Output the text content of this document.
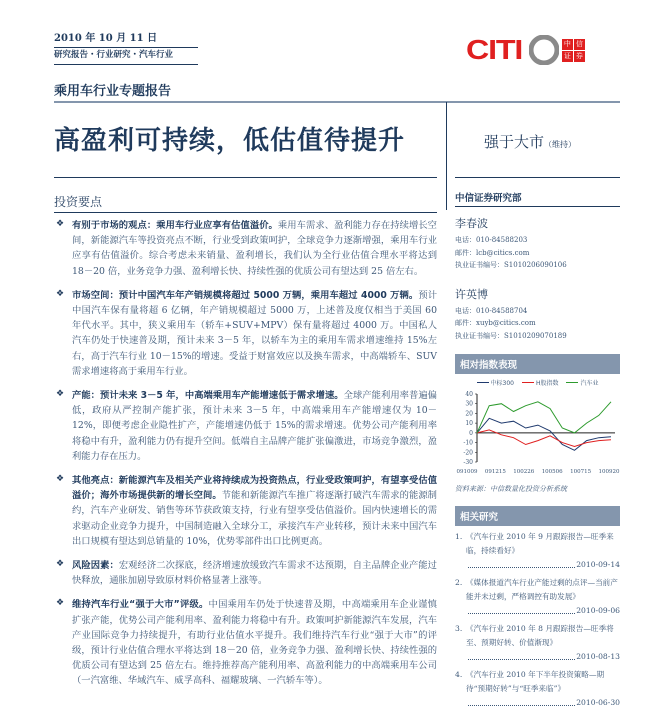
2010 年 10 月 11 日
研究报告・行业研究・汽车行业	CITI	中 信
证 券
乘用车行业专题报告
高盈利可持续，低估值待提升	强于大市（维持）
投资要点
❖ 有别于市场的观点：乘用车行业应享有估值溢价。乘用车需求、盈利能力存在持续增长空间，新能源汽车等投资亮点不断，行业受到政策呵护，全球竞争力逐渐增强，乘用车行业应享有估值溢价。综合考虑未来销量、盈利增长，我们认为全行业估值合理水平将达到 18－20 倍，业务竞争力强、盈利增长快、持续性强的优质公司有望达到 25 倍左右。
❖ 市场空间：预计中国汽车年产销规模将超过 5000 万辆，乘用车超过 4000 万辆。预计中国汽车保有量将超 6 亿辆，年产销规模超过 5000 万，上述普及度仅相当于美国 60 年代水平。其中，狭义乘用车（轿车+SUV+MPV）保有量将超过 4000 万。中国私人汽车仍处于快速普及期，预计未来 3－5 年，以轿车为主的乘用车需求增速维持 15%左右，高于汽车行业 10－15%的增速。受益于财富效应以及换车需求，中高端轿车、SUV 需求增速将高于乘用车行业。
❖ 产能：预计未来 3－5 年，中高端乘用车产能增速低于需求增速。全球产能利用率普遍偏低，政府从严控制产能扩张，预计未来 3－5 年，中高端乘用车产能增速仅为 10－12%，即便考虑企业隐性扩产，产能增速仍低于 15%的需求增速。优势公司产能利用率将稳中有升，盈利能力仍有提升空间。低端自主品牌产能扩张偏激进，市场竞争激烈，盈利能力存在压力。
❖ 其他亮点：新能源汽车及相关产业将持续成为投资热点，行业受政策呵护，有望享受估值溢价；海外市场提供新的增长空间。节能和新能源汽车推广将逐渐打破汽车需求的能源制约，汽车产业研发、销售等环节获政策支持，行业有望享受估值溢价。国内快速增长的需求驱动企业竞争力提升，中国制造融入全球分工，承接汽车产业转移，预计未来中国汽车出口规模有望达到总销量的 10%，优势零部件出口比例更高。
❖ 风险因素：宏观经济二次探底，经济增速放缓致汽车需求不达预期，自主品牌企业产能过快释放，通胀加剧导致原材料价格显著上涨等。
❖ 维持汽车行业“强于大市”评级。中国乘用车仍处于快速普及期，中高端乘用车企业谨慎扩张产能，优势公司产能利用率、盈利能力将稳中有升。政策呵护新能源汽车发展，汽车产业国际竞争力持续提升，有助行业估值水平提升。我们维持汽车行业“强于大市”的评级，预计行业估值合理水平将达到 18－20 倍，业务竞争力强、盈利增长快、持续性强的优质公司有望达到 25 倍左右。维持推荐高产能利用率、高盈利能力的中高端乘用车公司（一汽富维、华域汽车、威孚高科、福耀玻璃、一汽轿车等）。
中信证券研究部
李春波
电话：010-84588203
邮件：lcb@citics.com
执业证书编号：S1010206090106
许英博
电话：010-84588704
邮件：xuyb@citics.com
执业证书编号：S1010209070189
相对指数表现
中标300	H股指数	汽车业
40
30
20
10
0
-10
-20
-30
091009 091215 100226 100506 100715 100920
资料来源：中信数量化投资分析系统
相关研究
1. 《汽车行业 2010 年 9 月跟踪报告—旺季来临，持续看好》
2010-09-14
2. 《媒体报道汽车行业产能过剩的点评—当前产能并未过剩，严格调控有助发展》
2010-09-06
3. 《汽车行业 2010 年 8 月跟踪报告—旺季将至、预期好转、价值渐现》
2010-08-13
4. 《汽车行业 2010 年下半年投资策略—期待“预期好转”与“旺季来临”》
2010-06-30
